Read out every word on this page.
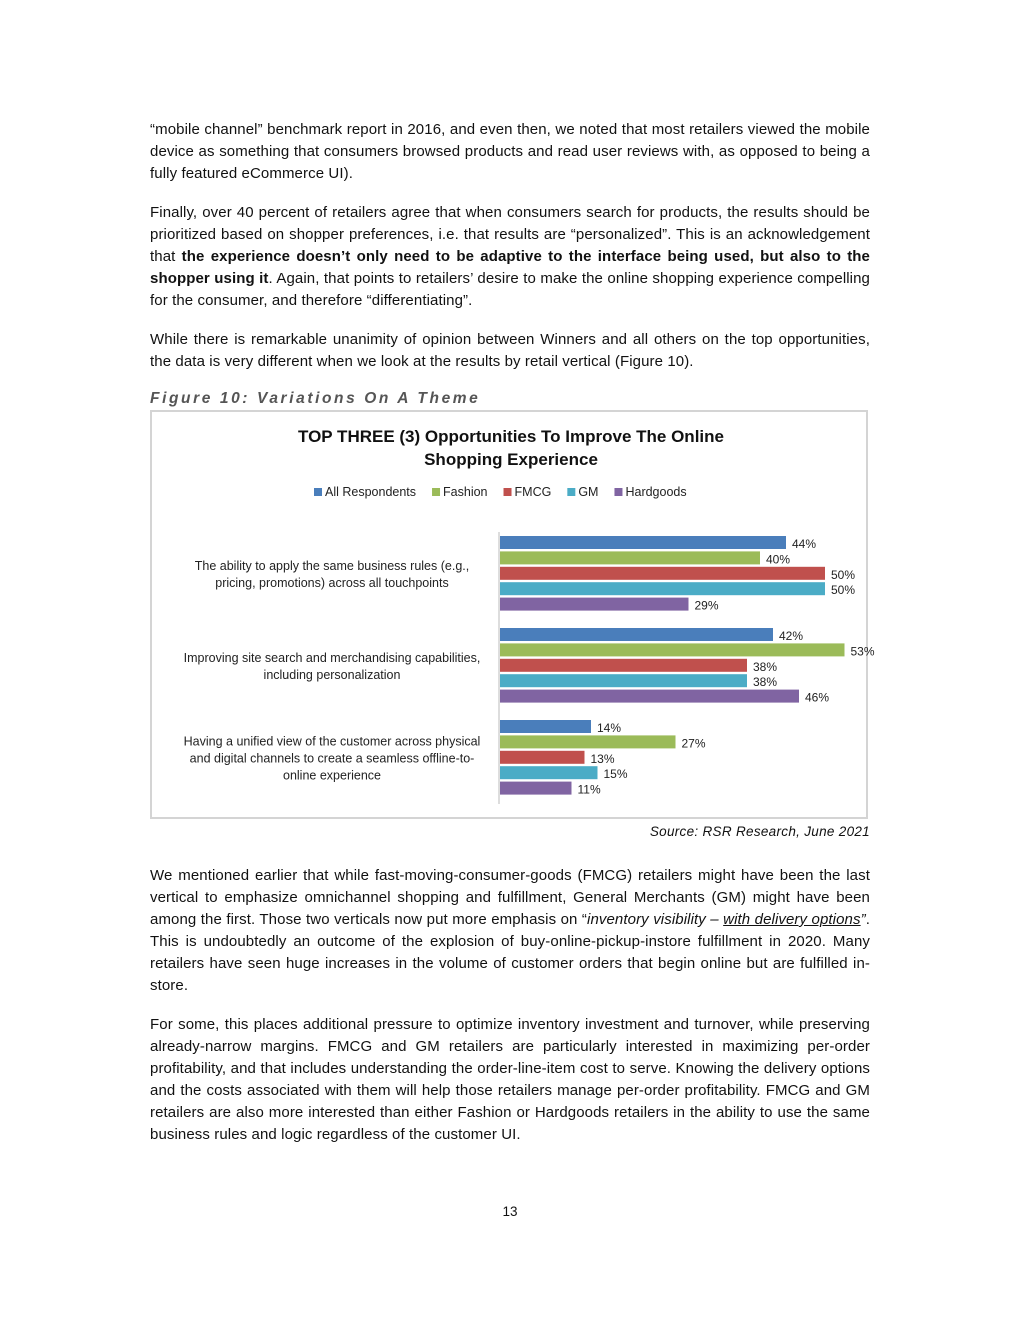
“mobile channel” benchmark report in 2016, and even then, we noted that most retailers viewed the mobile device as something that consumers browsed products and read user reviews with, as opposed to being a fully featured eCommerce UI).

Finally, over 40 percent of retailers agree that when consumers search for products, the results should be prioritized based on shopper preferences, i.e. that results are “personalized”. This is an acknowledgement that the experience doesn’t only need to be adaptive to the interface being used, but also to the shopper using it. Again, that points to retailers’ desire to make the online shopping experience compelling for the consumer, and therefore “differentiating”.

While there is remarkable unanimity of opinion between Winners and all others on the top opportunities, the data is very different when we look at the results by retail vertical (Figure 10).

Figure 10: Variations On A Theme
TOP THREE (3) Opportunities To Improve The Online
Shopping Experience
All Respondents Fashion FMCG GM Hardgoods
The ability to apply the same business rules (e.g.,
pricing, promotions) across all touchpoints
44%
40%
50%
50%
29%
Improving site search and merchandising capabilities,
including personalization
42%
53%
38%
38%
46%
Having a unified view of the customer across physical
and digital channels to create a seamless offline-to-
online experience
14%
27%
13%
15%
11%
Source: RSR Research, June 2021

We mentioned earlier that while fast-moving-consumer-goods (FMCG) retailers might have been the last vertical to emphasize omnichannel shopping and fulfillment, General Merchants (GM) might have been among the first. Those two verticals now put more emphasis on “inventory visibility – with delivery options”. This is undoubtedly an outcome of the explosion of buy-online-pickup-instore fulfillment in 2020. Many retailers have seen huge increases in the volume of customer orders that begin online but are fulfilled in-store.

For some, this places additional pressure to optimize inventory investment and turnover, while preserving already-narrow margins. FMCG and GM retailers are particularly interested in maximizing per-order profitability, and that includes understanding the order-line-item cost to serve. Knowing the delivery options and the costs associated with them will help those retailers manage per-order profitability. FMCG and GM retailers are also more interested than either Fashion or Hardgoods retailers in the ability to use the same business rules and logic regardless of the customer UI.

13
